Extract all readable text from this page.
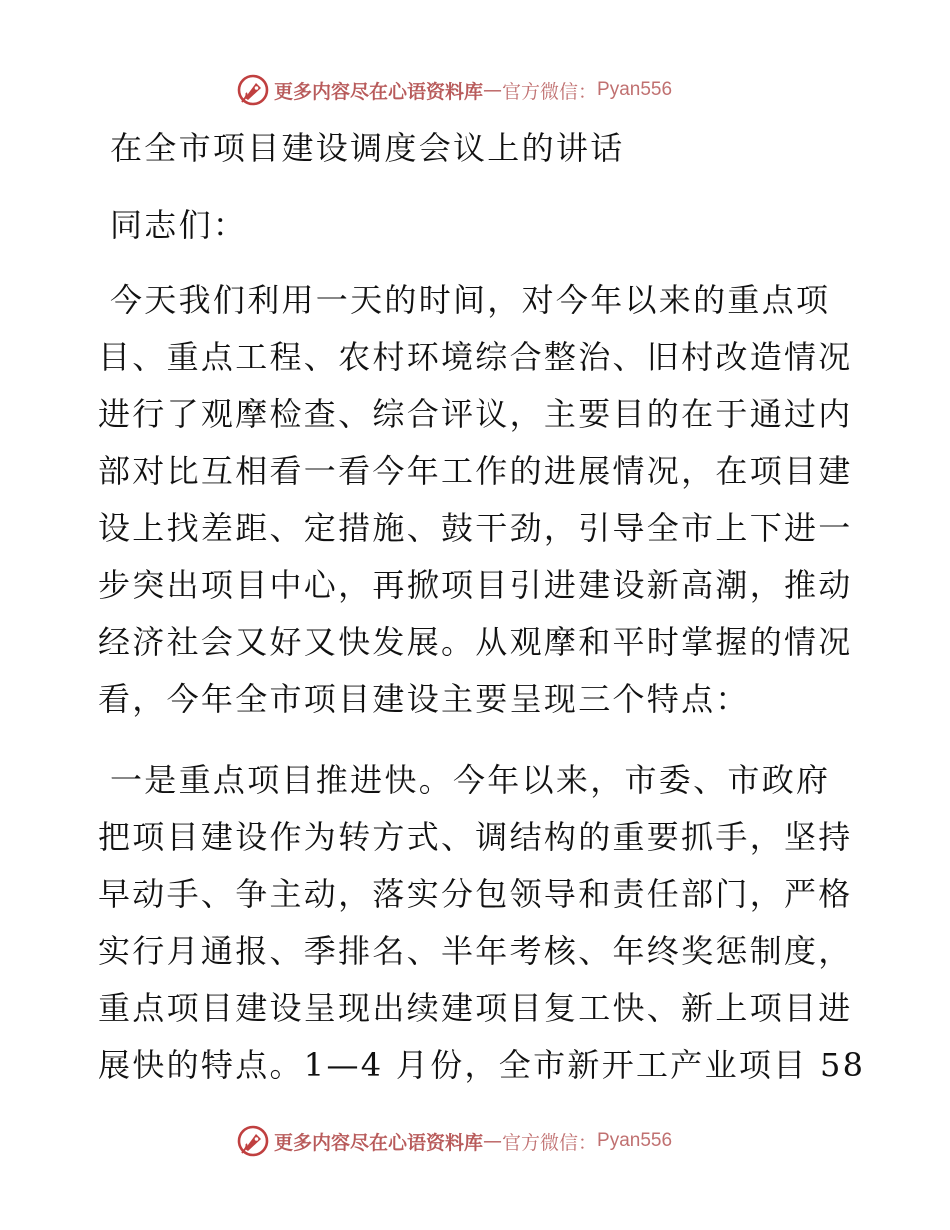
更多内容尽在心语资料库 — 官方微信： Pyan556

在全市项目建设调度会议上的讲话

同志们：

今天我们利用一天的时间，对今年以来的重点项

目、重点工程、农村环境综合整治、旧村改造情况

进行了观摩检查、综合评议，主要目的在于通过内

部对比互相看一看今年工作的进展情况，在项目建

设上找差距、定措施、鼓干劲，引导全市上下进一

步突出项目中心，再掀项目引进建设新高潮，推动

经济社会又好又快发展。从观摩和平时掌握的情况

看，今年全市项目建设主要呈现三个特点：

一是重点项目推进快。今年以来，市委、市政府

把项目建设作为转方式、调结构的重要抓手，坚持

早动手、争主动，落实分包领导和责任部门，严格

实行月通报、季排名、半年考核、年终奖惩制度，

重点项目建设呈现出续建项目复工快、新上项目进

展快的特点。1—4 月份，全市新开工产业项目 58

更多内容尽在心语资料库 — 官方微信： Pyan556
